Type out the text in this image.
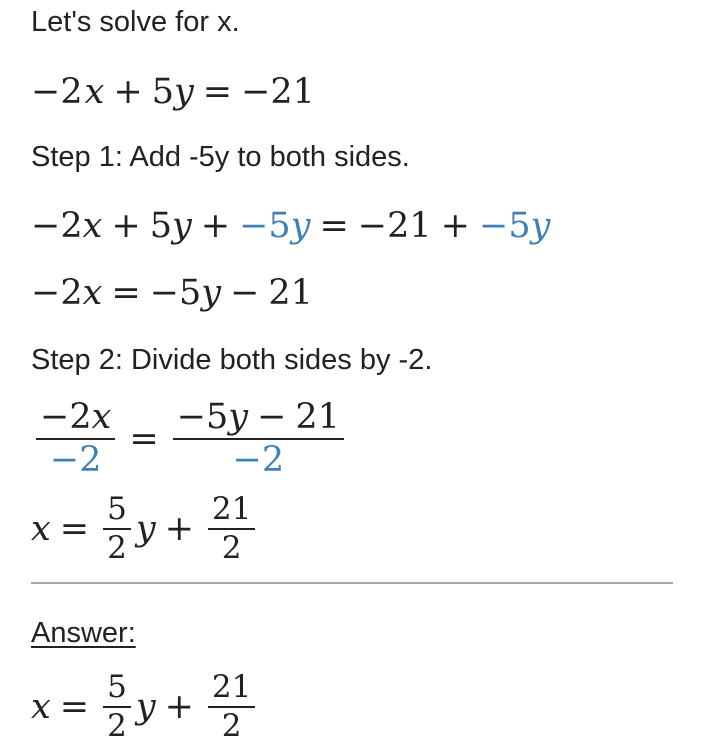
Let's solve for x.
−2 x + 5 y = −21
Step 1: Add -5y to both sides.
−2 x + 5 y + −5 y = −21 + −5 y
−2 x = −5 y − 21
Step 2: Divide both sides by -2.
$\frac{-2x}{-2} = \frac{-5y - 21}{-2}$
$x = \frac{5}{2}$ $y + \frac{21}{2}$
Answer:
$x = \frac{5}{2}$ $y + \frac{21}{2}$
